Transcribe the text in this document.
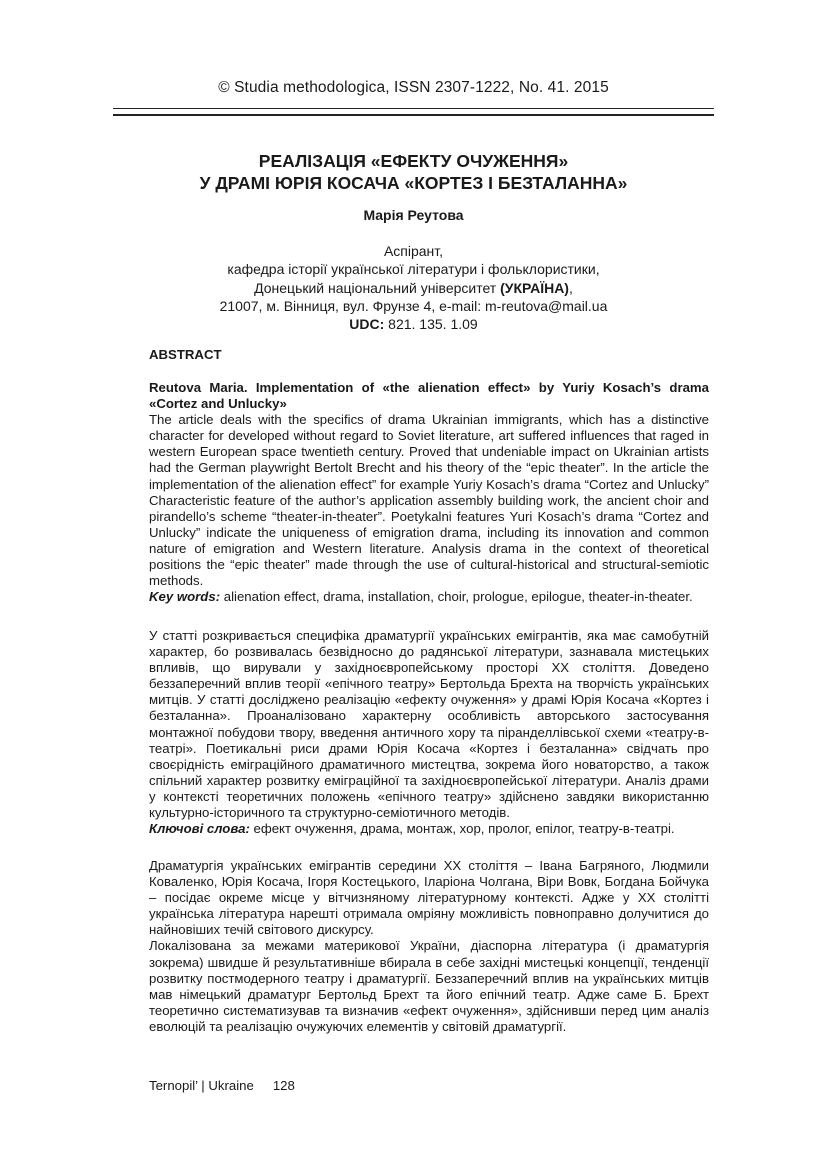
© Studia methodologica, ISSN 2307-1222, No. 41. 2015
РЕАЛІЗАЦІЯ «ЕФЕКТУ ОЧУЖЕННЯ»
У ДРАМІ ЮРІЯ КОСАЧА «КОРТЕЗ І БЕЗТАЛАННА»
Марія Реутова
Аспірант,
кафедра історії української літератури і фольклористики,
Донецький національний університет (УКРАЇНА),
21007, м. Вінниця, вул. Фрунзе 4, e-mail: m-reutova@mail.ua
UDC: 821. 135. 1.09
ABSTRACT
Reutova Maria. Implementation of «the alienation effect» by Yuriy Kosach’s drama «Cortez and Unlucky»

The article deals with the specifics of drama Ukrainian immigrants, which has a distinctive character for developed without regard to Soviet literature, art suffered influences that raged in western European space twentieth century. Proved that undeniable impact on Ukrainian artists had the German playwright Bertolt Brecht and his theory of the “epic theater”. In the article the implementation of the alienation effect” for example Yuriy Kosach’s drama “Cortez and Unlucky” Characteristic feature of the author’s application assembly building work, the ancient choir and pirandello’s scheme “theater-in-theater”. Poetykalni features Yuri Kosach’s drama “Cortez and Unlucky” indicate the uniqueness of emigration drama, including its innovation and common nature of emigration and Western literature. Analysis drama in the context of theoretical positions the “epic theater” made through the use of cultural-historical and structural-semiotic methods.

Key words: alienation effect, drama, installation, choir, prologue, epilogue, theater-in-theater.

У статті розкривається специфіка драматургії українських емігрантів, яка має самобутній характер, бо розвивалась безвідносно до радянської літератури, зазнавала мистецьких впливів, що вирували у західноєвропейському просторі ХХ століття. Доведено беззаперечний вплив теорії «епічного театру» Бертольда Брехта на творчість українських митців. У статті досліджено реалізацію «ефекту очуження» у драмі Юрія Косача «Кортез і безталанна». Проаналізовано характерну особливість авторського застосування монтажної побудови твору, введення античного хору та піранделлівської схеми «театру-в-театрі». Поетикальні риси драми Юрія Косача «Кортез і безталанна» свідчать про своєрідність еміграційного драматичного мистецтва, зокрема його новаторство, а також спільний характер розвитку еміграційної та західноєвропейської літератури. Аналіз драми у контексті теоретичних положень «епічного театру» здійснено завдяки використанню культурно-історичного та структурно-семіотичного методів.

Ключові слова: ефект очуження, драма, монтаж, хор, пролог, епілог, театру-в-театрі.

Драматургія українських емігрантів середини ХХ століття – Івана Багряного, Людмили Коваленко, Юрія Косача, Ігоря Костецького, Іларіона Чолгана, Віри Вовк, Богдана Бойчука – посідає окреме місце у вітчизняному літературному контексті. Адже у ХХ столітті українська література нарешті отримала омріяну можливість повноправно долучитися до найновіших течій світового дискурсу.

Локалізована за межами материкової України, діаспорна література (і драматургія зокрема) швидше й результативніше вбирала в себе західні мистецькі концепції, тенденції розвитку постмодерного театру і драматургії. Беззаперечний вплив на українських митців мав німецький драматург Бертольд Брехт та його епічний театр. Адже саме Б. Брехт теоретично систематизував та визначив «ефект очуження», здійснивши перед цим аналіз еволюцій та реалізацію очужуючих елементів у світовій драматургії.

Ternopil’ | Ukraine 128
